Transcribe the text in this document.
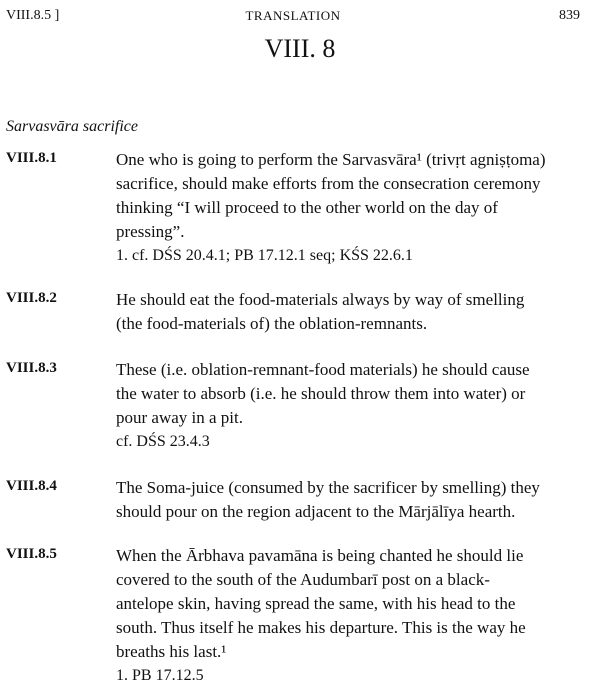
VIII.8.5 ]	TRANSLATION	839
VIII. 8
Sarvasvāra sacrifice
VIII.8.1	One who is going to perform the Sarvasvāra¹ (trivṛt agniṣṭoma)
sacrifice, should make efforts from the consecration ceremony
thinking “I will proceed to the other world on the day of
pressing”.
1. cf. DŚS 20.4.1; PB 17.12.1 seq; KŚS 22.6.1
VIII.8.2	He should eat the food-materials always by way of smelling
(the food-materials of) the oblation-remnants.
VIII.8.3	These (i.e. oblation-remnant-food materials) he should cause
the water to absorb (i.e. he should throw them into water) or
pour away in a pit.
cf. DŚS 23.4.3
VIII.8.4	The Soma-juice (consumed by the sacrificer by smelling) they
should pour on the region adjacent to the Mārjālīya hearth.
VIII.8.5	When the Ārbhava pavamāna is being chanted he should lie
covered to the south of the Audumbarī post on a black-
antelope skin, having spread the same, with his head to the
south. Thus itself he makes his departure. This is the way he
breaths his last.¹
1. PB 17.12.5
